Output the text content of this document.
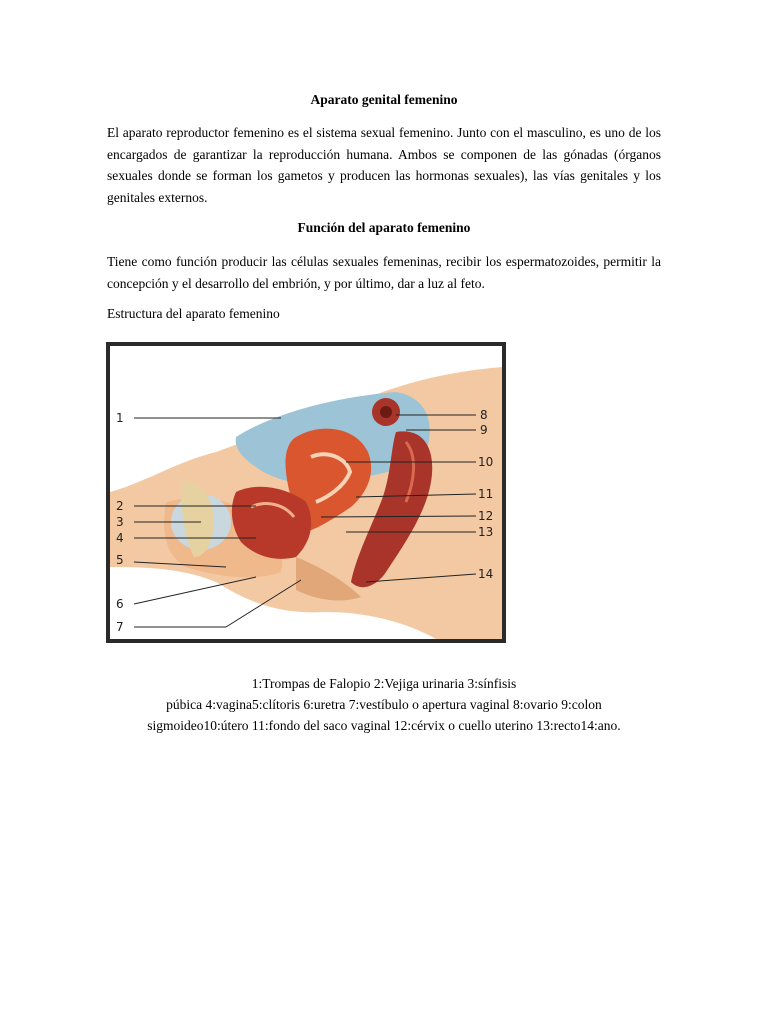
Aparato genital femenino

El aparato reproductor femenino es el sistema sexual femenino. Junto con el masculino, es uno de los encargados de garantizar la reproducción humana. Ambos se componen de las gónadas (órganos sexuales donde se forman los gametos y producen las hormonas sexuales), las vías genitales y los genitales externos.

Función del aparato femenino

Tiene como función producir las células sexuales femeninas, recibir los espermatozoides, permitir la concepción y el desarrollo del embrión, y por último, dar a luz al feto.

Estructura del aparato femenino
1
2
3
4
5
6
7
8
9
10
11
12
13
14
1:Trompas de Falopio 2:Vejiga urinaria 3:sínfisis
púbica 4:vagina5:clítoris 6:uretra 7:vestíbulo o apertura vaginal 8:ovario 9:colon
sigmoideo10:útero 11:fondo del saco vaginal 12:cérvix o cuello uterino 13:recto14:ano.
